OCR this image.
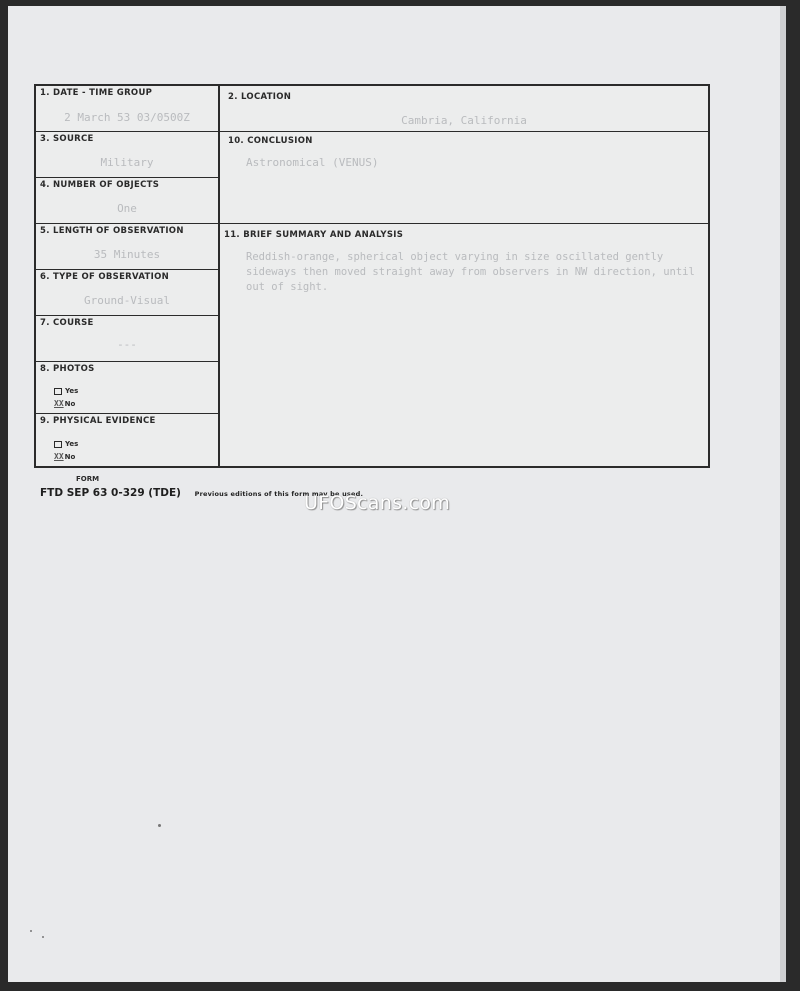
1. DATE - TIME GROUP
2 March 53 03/0500Z
3. SOURCE
Military
4. NUMBER OF OBJECTS
One
5. LENGTH OF OBSERVATION
35 Minutes
6. TYPE OF OBSERVATION
Ground-Visual
7. COURSE
---
8. PHOTOS
Yes
XXNo
9. PHYSICAL EVIDENCE
Yes
XXNo
2. LOCATION
Cambria, California
10. CONCLUSION
Astronomical (VENUS)
11. BRIEF SUMMARY AND ANALYSIS
Reddish-orange, spherical object varying in size oscillated gently sideways then moved straight away from observers in NW direction, until out of sight.
FORM
FTD SEP 63 0-329 (TDE) Previous editions of this form may be used.
UFOScans.com
